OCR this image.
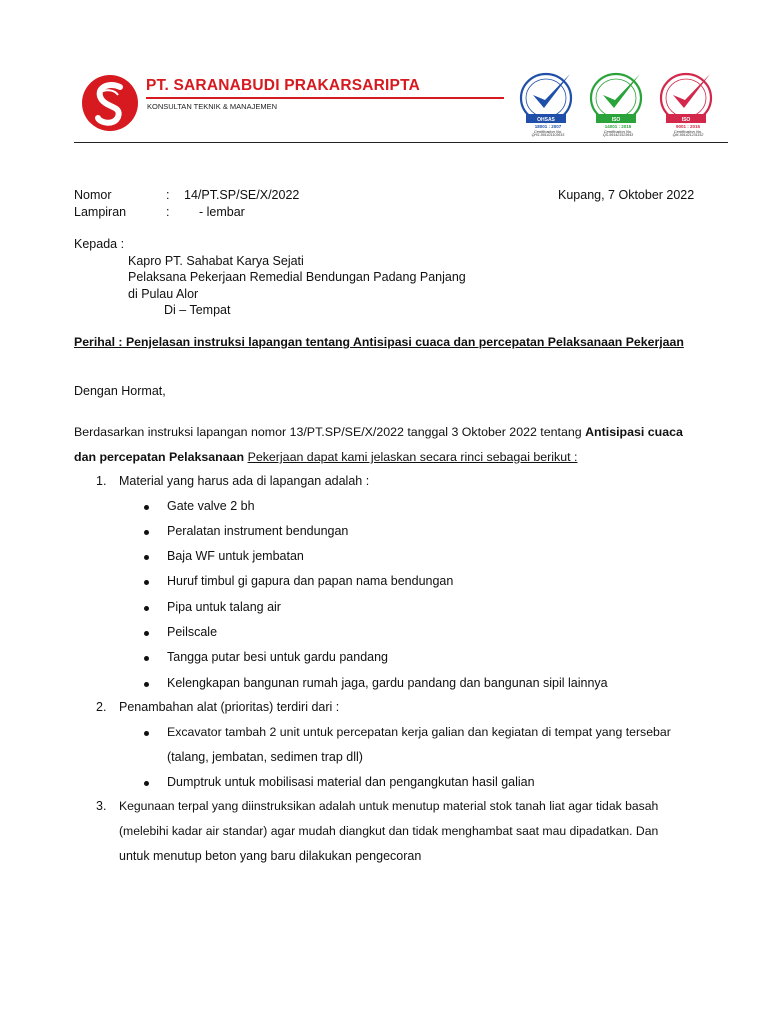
PT. SARANABUDI PRAKARSARIPTA
KONSULTAN TEKNIK & MANAJEMEN
OHSAS
18001 : 2007
Certification No.
QHS-991421103615
ISO
14001 : 2015
Certification No.
QS-991421523643
ISO
9001 : 2015
Certification No.
QM-991421231152
Nomor	: 14/PT.SP/SE/X/2022	Kupang, 7 Oktober 2022
Lampiran	: - lembar
Kepada :
Kapro PT. Sahabat Karya Sejati
Pelaksana Pekerjaan Remedial Bendungan Padang Panjang
di Pulau Alor
Di – Tempat
Perihal : Penjelasan instruksi lapangan tentang Antisipasi cuaca dan percepatan Pelaksanaan Pekerjaan
Dengan Hormat,
Berdasarkan instruksi lapangan nomor 13/PT.SP/SE/X/2022 tanggal 3 Oktober 2022 tentang Antisipasi cuaca
dan percepatan Pelaksanaan Pekerjaan dapat kami jelaskan secara rinci sebagai berikut :
1. Material yang harus ada di lapangan adalah :
Gate valve 2 bh
Peralatan instrument bendungan
Baja WF untuk jembatan
Huruf timbul gi gapura dan papan nama bendungan
Pipa untuk talang air
Peilscale
Tangga putar besi untuk gardu pandang
Kelengkapan bangunan rumah jaga, gardu pandang dan bangunan sipil lainnya
2. Penambahan alat (prioritas) terdiri dari :
Excavator tambah 2 unit untuk percepatan kerja galian dan kegiatan di tempat yang tersebar
(talang, jembatan, sedimen trap dll)
Dumptruk untuk mobilisasi material dan pengangkutan hasil galian
3. Kegunaan terpal yang diinstruksikan adalah untuk menutup material stok tanah liat agar tidak basah
(melebihi kadar air standar) agar mudah diangkut dan tidak menghambat saat mau dipadatkan. Dan
untuk menutup beton yang baru dilakukan pengecoran
